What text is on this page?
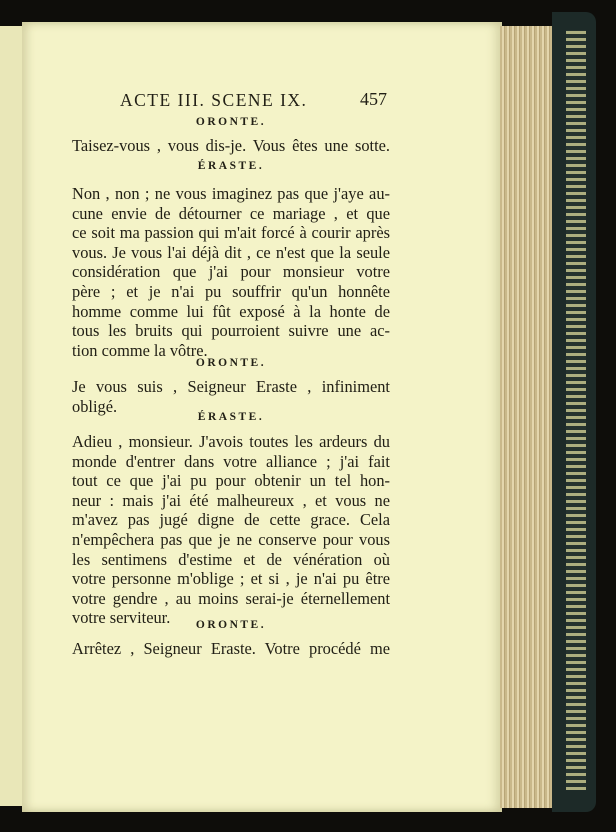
ACTE III. SCENE IX.	457
ORONTE.
Taisez-vous , vous dis-je. Vous êtes une sotte.
ÉRASTE.
Non , non ; ne vous imaginez pas que j'aye au-
cune envie de détourner ce mariage , et que
ce soit ma passion qui m'ait forcé à courir après
vous. Je vous l'ai déjà dit , ce n'est que la seule
considération que j'ai pour monsieur votre
père ; et je n'ai pu souffrir qu'un honnête
homme comme lui fût exposé à la honte de
tous les bruits qui pourroient suivre une ac-
tion comme la vôtre.
ORONTE.
Je vous suis , Seigneur Eraste , infiniment
obligé.
ÉRASTE.
Adieu , monsieur. J'avois toutes les ardeurs du
monde d'entrer dans votre alliance ; j'ai fait
tout ce que j'ai pu pour obtenir un tel hon-
neur : mais j'ai été malheureux , et vous ne
m'avez pas jugé digne de cette grace. Cela
n'empêchera pas que je ne conserve pour vous
les sentimens d'estime et de vénération où
votre personne m'oblige ; et si , je n'ai pu être
votre gendre , au moins serai-je éternellement
votre serviteur.	ORONTE.
Arrêtez , Seigneur Eraste. Votre procédé me
